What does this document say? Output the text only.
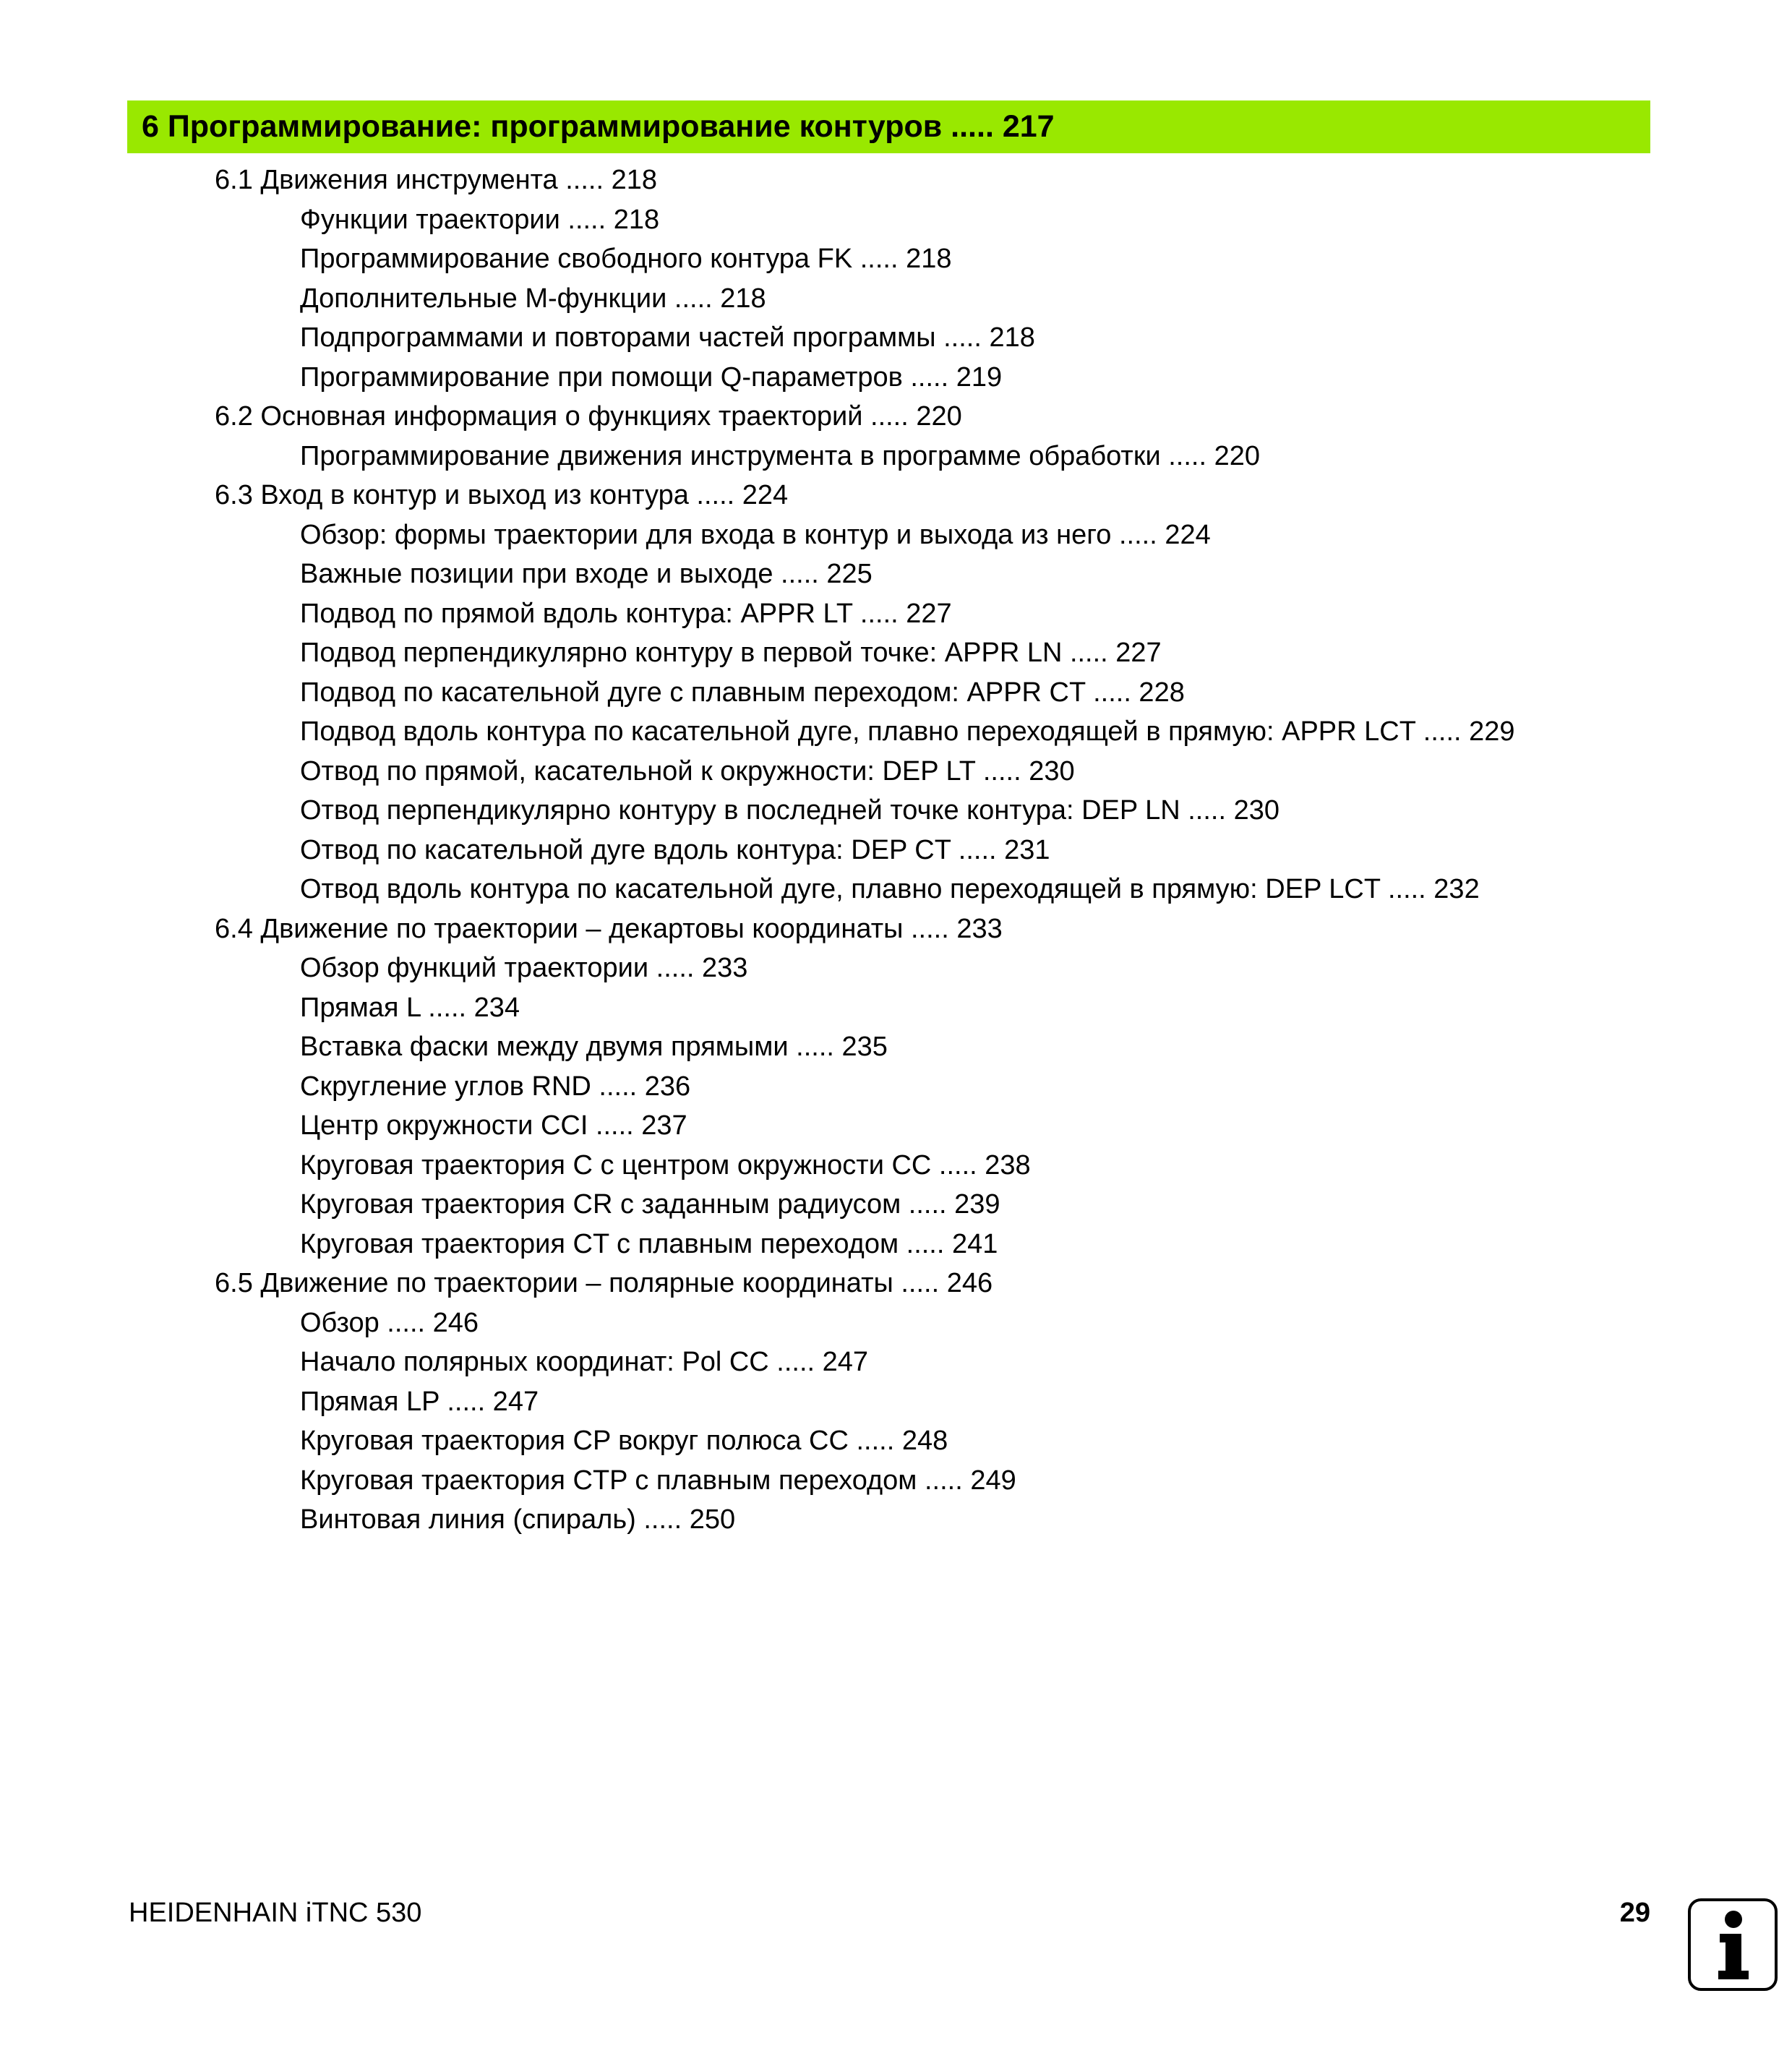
6 Программирование: программирование контуров ..... 217
6.1 Движения инструмента ..... 218
Функции траектории ..... 218
Программирование свободного контура FK ..... 218
Дополнительные M-функции ..... 218
Подпрограммами и повторами частей программы ..... 218
Программирование при помощи Q-параметров ..... 219
6.2 Основная информация о функциях траекторий ..... 220
Программирование движения инструмента в программе обработки ..... 220
6.3 Вход в контур и выход из контура ..... 224
Обзор: формы траектории для входа в контур и выхода из него ..... 224
Важные позиции при входе и выходе ..... 225
Подвод по прямой вдоль контура: APPR LT ..... 227
Подвод перпендикулярно контуру в первой точке: APPR LN ..... 227
Подвод по касательной дуге с плавным переходом: APPR CT ..... 228
Подвод вдоль контура по касательной дуге, плавно переходящей в прямую: APPR LCT ..... 229
Отвод по прямой, касательной к окружности: DEP LT ..... 230
Отвод перпендикулярно контуру в последней точке контура: DEP LN ..... 230
Отвод по касательной дуге вдоль контура: DEP CT ..... 231
Отвод вдоль контура по касательной дуге, плавно переходящей в прямую: DEP LCT ..... 232
6.4 Движение по траектории – декартовы координаты ..... 233
Обзор функций траектории ..... 233
Прямая L ..... 234
Вставка фаски между двумя прямыми ..... 235
Скругление углов RND ..... 236
Центр окружности CCI ..... 237
Круговая траектория C с центром окружности CC ..... 238
Круговая траектория CR с заданным радиусом ..... 239
Круговая траектория CT с плавным переходом ..... 241
6.5 Движение по траектории – полярные координаты ..... 246
Обзор ..... 246
Начало полярных координат: Pol CC ..... 247
Прямая LP ..... 247
Круговая траектория CP вокруг полюса CC ..... 248
Круговая траектория CTP с плавным переходом ..... 249
Винтовая линия (спираль) ..... 250
HEIDENHAIN iTNC 530	29
